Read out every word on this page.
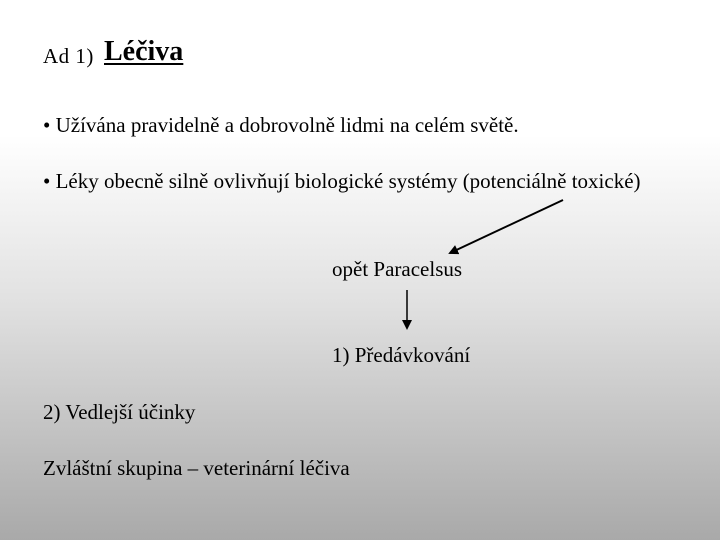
Ad 1) Léčiva

• Užívána pravidelně a dobrovolně lidmi na celém světě.

• Léky obecně silně ovlivňují biologické systémy (potenciálně toxické)

opět Paracelsus

1) Předávkování

2) Vedlejší účinky

Zvláštní skupina – veterinární léčiva
